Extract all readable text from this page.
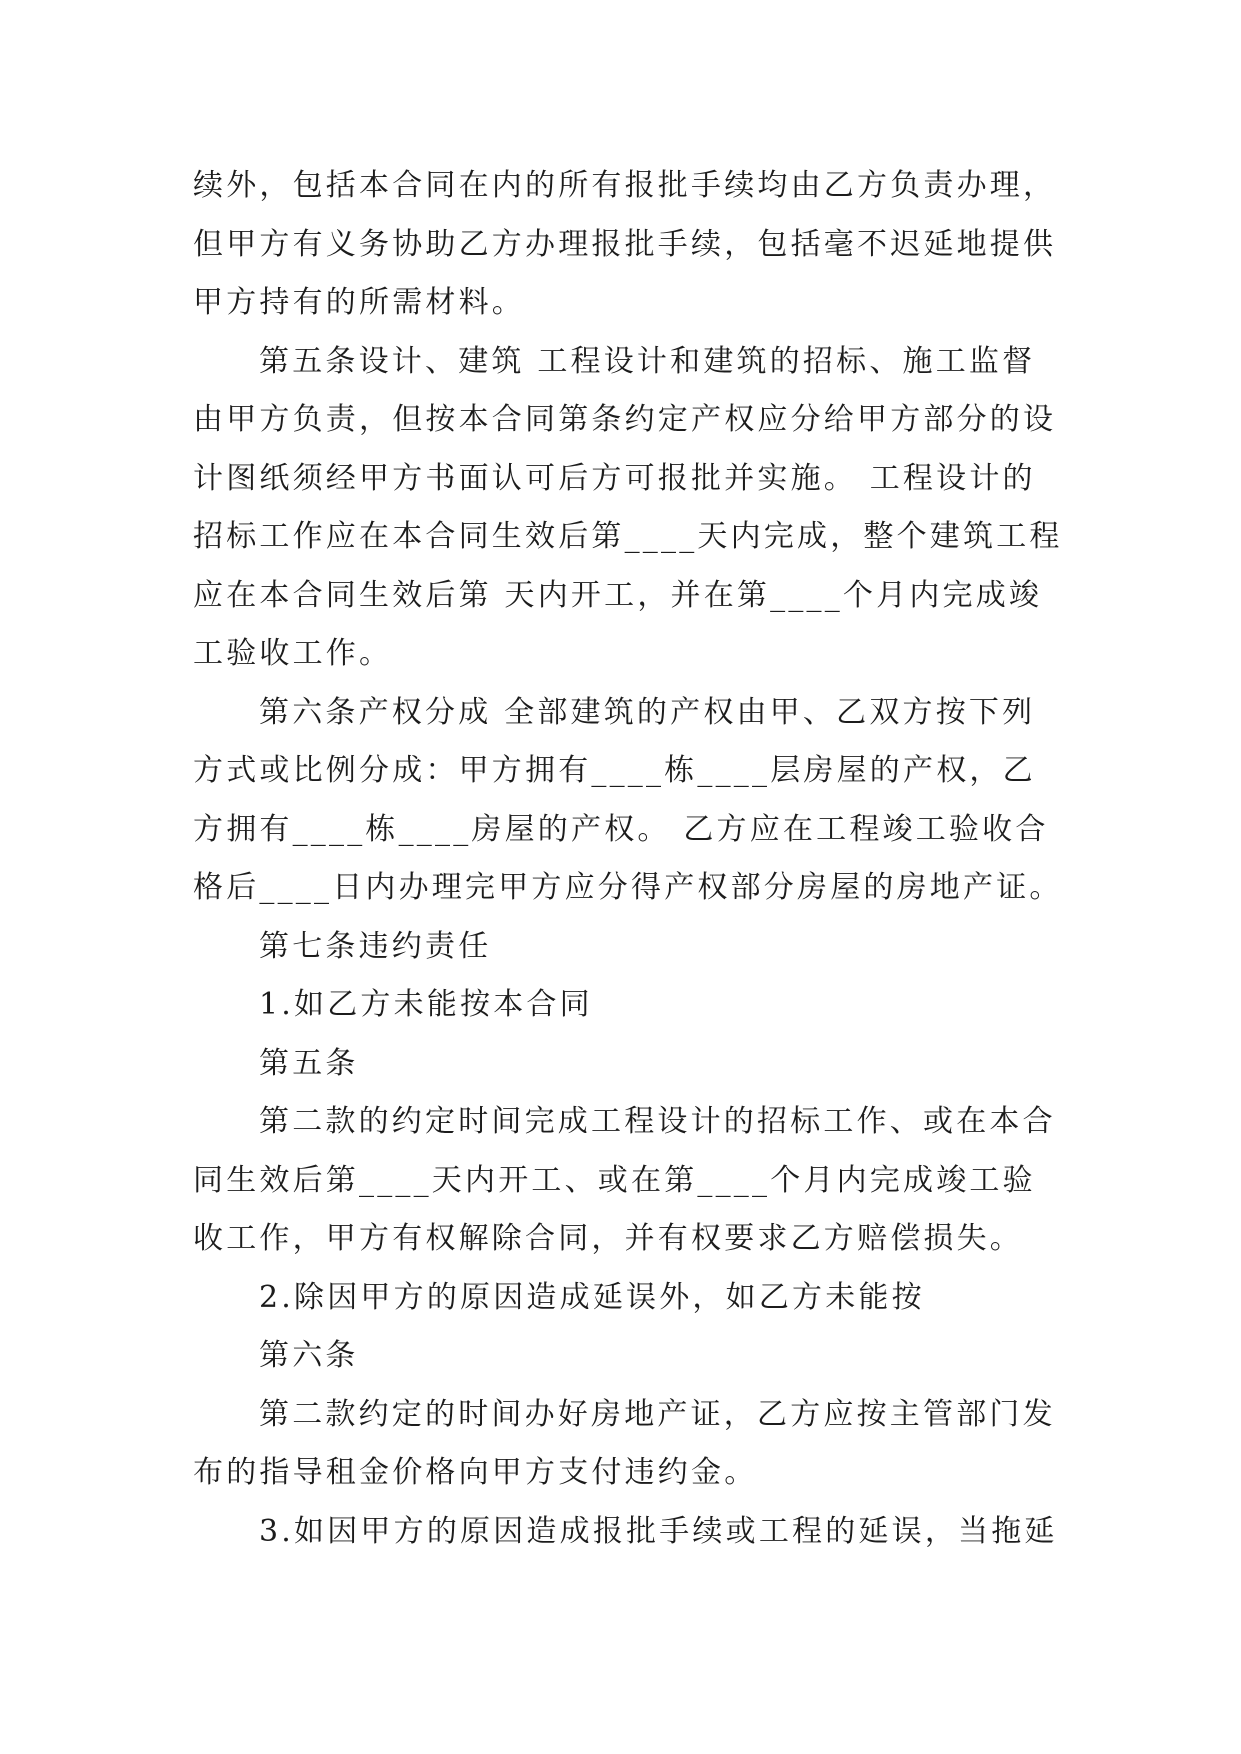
续外，包括本合同在内的所有报批手续均由乙方负责办理，但甲方有义务协助乙方办理报批手续，包括毫不迟延地提供甲方持有的所需材料。

第五条设计、建筑 工程设计和建筑的招标、施工监督由甲方负责，但按本合同第条约定产权应分给甲方部分的设计图纸须经甲方书面认可后方可报批并实施。 工程设计的招标工作应在本合同生效后第____天内完成，整个建筑工程应在本合同生效后第 天内开工，并在第____个月内完成竣工验收工作。

第六条产权分成 全部建筑的产权由甲、乙双方按下列方式或比例分成：甲方拥有____栋____层房屋的产权，乙方拥有____栋____房屋的产权。 乙方应在工程竣工验收合格后____日内办理完甲方应分得产权部分房屋的房地产证。

第七条违约责任

1.如乙方未能按本合同

第五条

第二款的约定时间完成工程设计的招标工作、或在本合同生效后第____天内开工、或在第____个月内完成竣工验收工作，甲方有权解除合同，并有权要求乙方赔偿损失。

2.除因甲方的原因造成延误外，如乙方未能按

第六条

第二款约定的时间办好房地产证，乙方应按主管部门发布的指导租金价格向甲方支付违约金。

3.如因甲方的原因造成报批手续或工程的延误，当拖延
